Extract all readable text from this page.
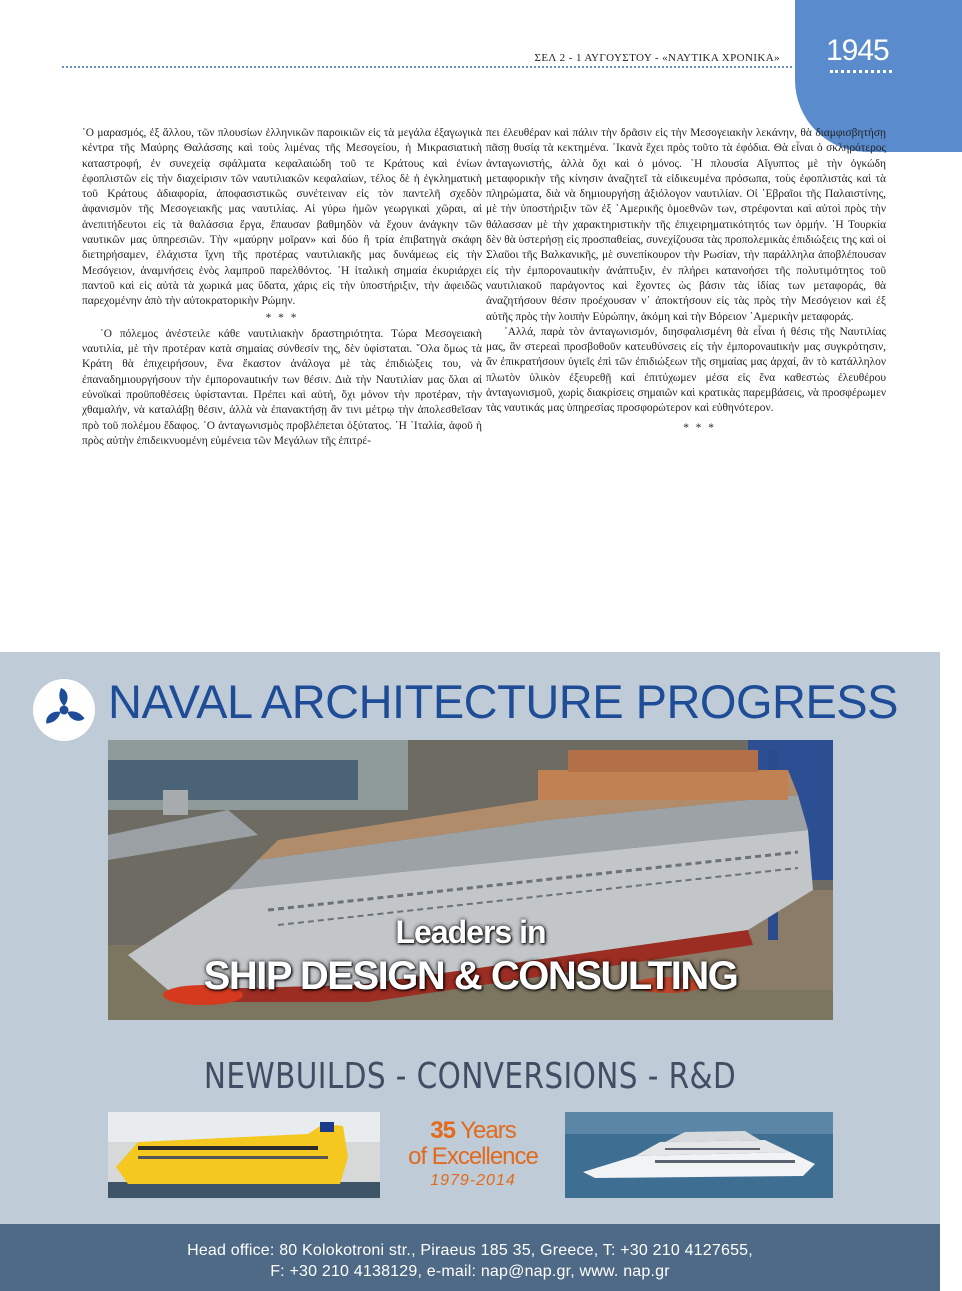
ΣΕΛ 2 - 1 ΑΥΓΟΥΣΤΟΥ - «ΝΑΥΤΙΚΑ ΧΡΟΝΙΚΑ» 1945

῾Ο μαρασμός, ἐξ ἄλλου, τῶν πλουσίων ἑλληνικῶν παροικιῶν εἰς τὰ μεγάλα ἐξαγωγικὰ κέντρα τῆς Μαύρης Θαλάσσης καὶ τοὺς λιμένας τῆς Μεσογείου, ἡ Μικρασιατικὴ καταστροφή, ἐν συνεχείᾳ σφάλματα κεφαλαιώδη τοῦ τε Κράτους καὶ ἐνίων ἐφοπλιστῶν εἰς τὴν διαχείρισιν τῶν ναυτιλιακῶν κεφαλαίων, τέλος δὲ ἡ ἐγκληματικὴ τοῦ Κράτους ἀδιαφορία, ἀποφασιστικῶς συνέτειναν εἰς τὸν παντελῆ σχεδὸν ἀφανισμὸν τῆς Μεσογειακῆς μας ναυτιλίας. Αἱ γύρω ἡμῶν γεωργικαὶ χῶραι, αἱ ἀνεπιτήδευτοι εἰς τὰ θαλάσσια ἔργα, ἔπαυσαν βαθμηδὸν νὰ ἔχουν ἀνάγκην τῶν ναυτικῶν μας ὑπηρεσιῶν. Τὴν «μαύρην μοῖραν» καὶ δύο ἢ τρία ἐπιβατηγὰ σκάφη διετηρήσαμεν, ἐλάχιστα ἴχνη τῆς προτέρας ναυτιλιακῆς μας δυνάμεως εἰς τὴν Μεσόγειον, ἀναμνήσεις ἑνὸς λαμπροῦ παρελθόντος. ῾Η ἰταλικὴ σημαία ἐκυριάρχει παντοῦ καὶ εἰς αὐτὰ τὰ χωρικά μας ὕδατα, χάρις εἰς τὴν ὑποστήριξιν, τὴν ἀφειδῶς παρεχομένην ἀπὸ τὴν αὐτοκρατορικὴν Ρώμην.

* * *

῾Ο πόλεμος ἀνέστειλε κάθε ναυτιλιακὴν δραστηριότητα. Τώρα Μεσογειακὴ ναυτιλία, μὲ τὴν προτέραν κατὰ σημαίας σύνθεσίν της, δὲν ὑφίσταται. ῞Ολα ὅμως τὰ Κράτη θὰ ἐπιχειρήσουν, ἕνα ἕκαστον ἀνάλογα μὲ τὰς ἐπιδιώξεις του, νὰ ἐπαναδημιουργήσουν τὴν ἐμπορονautικήν των θέσιν. Διὰ τὴν Ναυτιλίαν μας ὅλαι αἱ εὐνοϊκαὶ προϋποθέσεις ὑφίστανται. Πρέπει καὶ αὐτή, ὄχι μόνον τὴν προτέραν, τὴν χθαμαλήν, νὰ καταλάβῃ θέσιν, ἀλλὰ νὰ ἐπανακτήσῃ ἂν τινι μέτρῳ τὴν ἀπολεσθεῖσαν πρὸ τοῦ πολέμου ἔδαφος. ῾Ο ἀνταγωνισμὸς προβλέπεται ὀξύτατος. ῾Η ᾿Ιταλία, ἀφοῦ ἡ πρὸς αὐτὴν ἐπιδεικνυομένη εὐμένεια τῶν Μεγάλων τῆς ἐπιτρέ-

πει ἐλευθέραν καὶ πάλιν τὴν δρᾶσιν εἰς τὴν Μεσογειακὴν λεκάνην, θὰ διαμφισβητήσῃ πᾶσῃ θυσίᾳ τὰ κεκτημένα. ῾Ικανὰ ἔχει πρὸς τοῦτο τὰ ἐφόδια. Θὰ εἶναι ὁ σκληρότερος ἀνταγωνιστής, ἀλλὰ ὄχι καὶ ὁ μόνος. ῾Η πλουσία Αἴγυπτος μὲ τὴν ὀγκώδη μεταφορικὴν τῆς κίνησιν ἀναζητεῖ τὰ εἰδικευμένα πρόσωπα, τοὺς ἐφοπλιστὰς καὶ τὰ πληρώματα, διὰ νὰ δημιουργήσῃ ἀξιόλογον ναυτιλίαν. Οἱ ῾Εβραῖοι τῆς Παλαιστίνης, μὲ τὴν ὑποστήριξιν τῶν ἐξ ᾿Αμερικῆς ὁμοεθνῶν των, στρέφονται καὶ αὐτοὶ πρὸς τὴν θάλασσαν μὲ τὴν χαρακτηριστικὴν τῆς ἐπιχειρηματικότητός των ὁρμήν. ῾Η Τουρκία δὲν θὰ ὑστερήσῃ εἰς προσπαθείας, συνεχίζουσα τὰς προπολεμικὰς ἐπιδιώξεις της καὶ οἱ Σλαῦοι τῆς Βαλκανικῆς, μὲ συνεπίκουρον τὴν Ρωσίαν, τὴν παράλληλα ἀποβλέπουσαν εἰς τὴν ἐμπορονautικὴν ἀνάπτυξιν, ἐν πλήρει κατανοήσει τῆς πολυτιμότητος τοῦ ναυτιλιακοῦ παράγοντος καὶ ἔχοντες ὡς βάσιν τὰς ἰδίας των μεταφοράς, θὰ ἀναζητήσουν θέσιν προέχουσαν ν᾿ ἀποκτήσουν εἰς τὰς πρὸς τὴν Μεσόγειον καὶ ἐξ αὐτῆς πρὸς τὴν λοιπὴν Εὐρώπην, ἀκόμη καὶ τὴν Βόρειον ᾿Αμερικὴν μεταφοράς.

᾿Αλλά, παρὰ τὸν ἀνταγωνισμόν, διησφαλισμένη θὰ εἶναι ἡ θέσις τῆς Ναυτιλίας μας, ἂν στερεαὶ προσβοθοῦν κατευθύνσεις εἰς τὴν ἐμπορονautικήν μας συγκρότησιν, ἂν ἐπικρατήσουν ὑγιεῖς ἐπὶ τῶν ἐπιδιώξεων τῆς σημαίας μας ἀρχαί, ἂν τὸ κατάλληλον πλωτὸν ὑλικὸν ἐξευρεθῇ καὶ ἐπιτύχωμεν μέσα εἰς ἕνα καθεστὼς ἐλευθέρου ἀνταγωνισμοῦ, χωρὶς διακρίσεις σημαιῶν καὶ κρατικὰς παρεμβάσεις, νὰ προσφέρωμεν τὰς ναυτικάς μας ὑπηρεσίας προσφορώτερον καὶ εὐθηνότερον.

* * *
NAVAL ARCHITECTURE PROGRESS
Leaders in
SHIP DESIGN & CONSULTING
NEWBUILDS - CONVERSIONS - R&D
35 Years
of Excellence
1979-2014
Head office: 80 Kolokotroni str., Piraeus 185 35, Greece, T: +30 210 4127655,
F: +30 210 4138129, e-mail: nap@nap.gr, www. nap.gr
